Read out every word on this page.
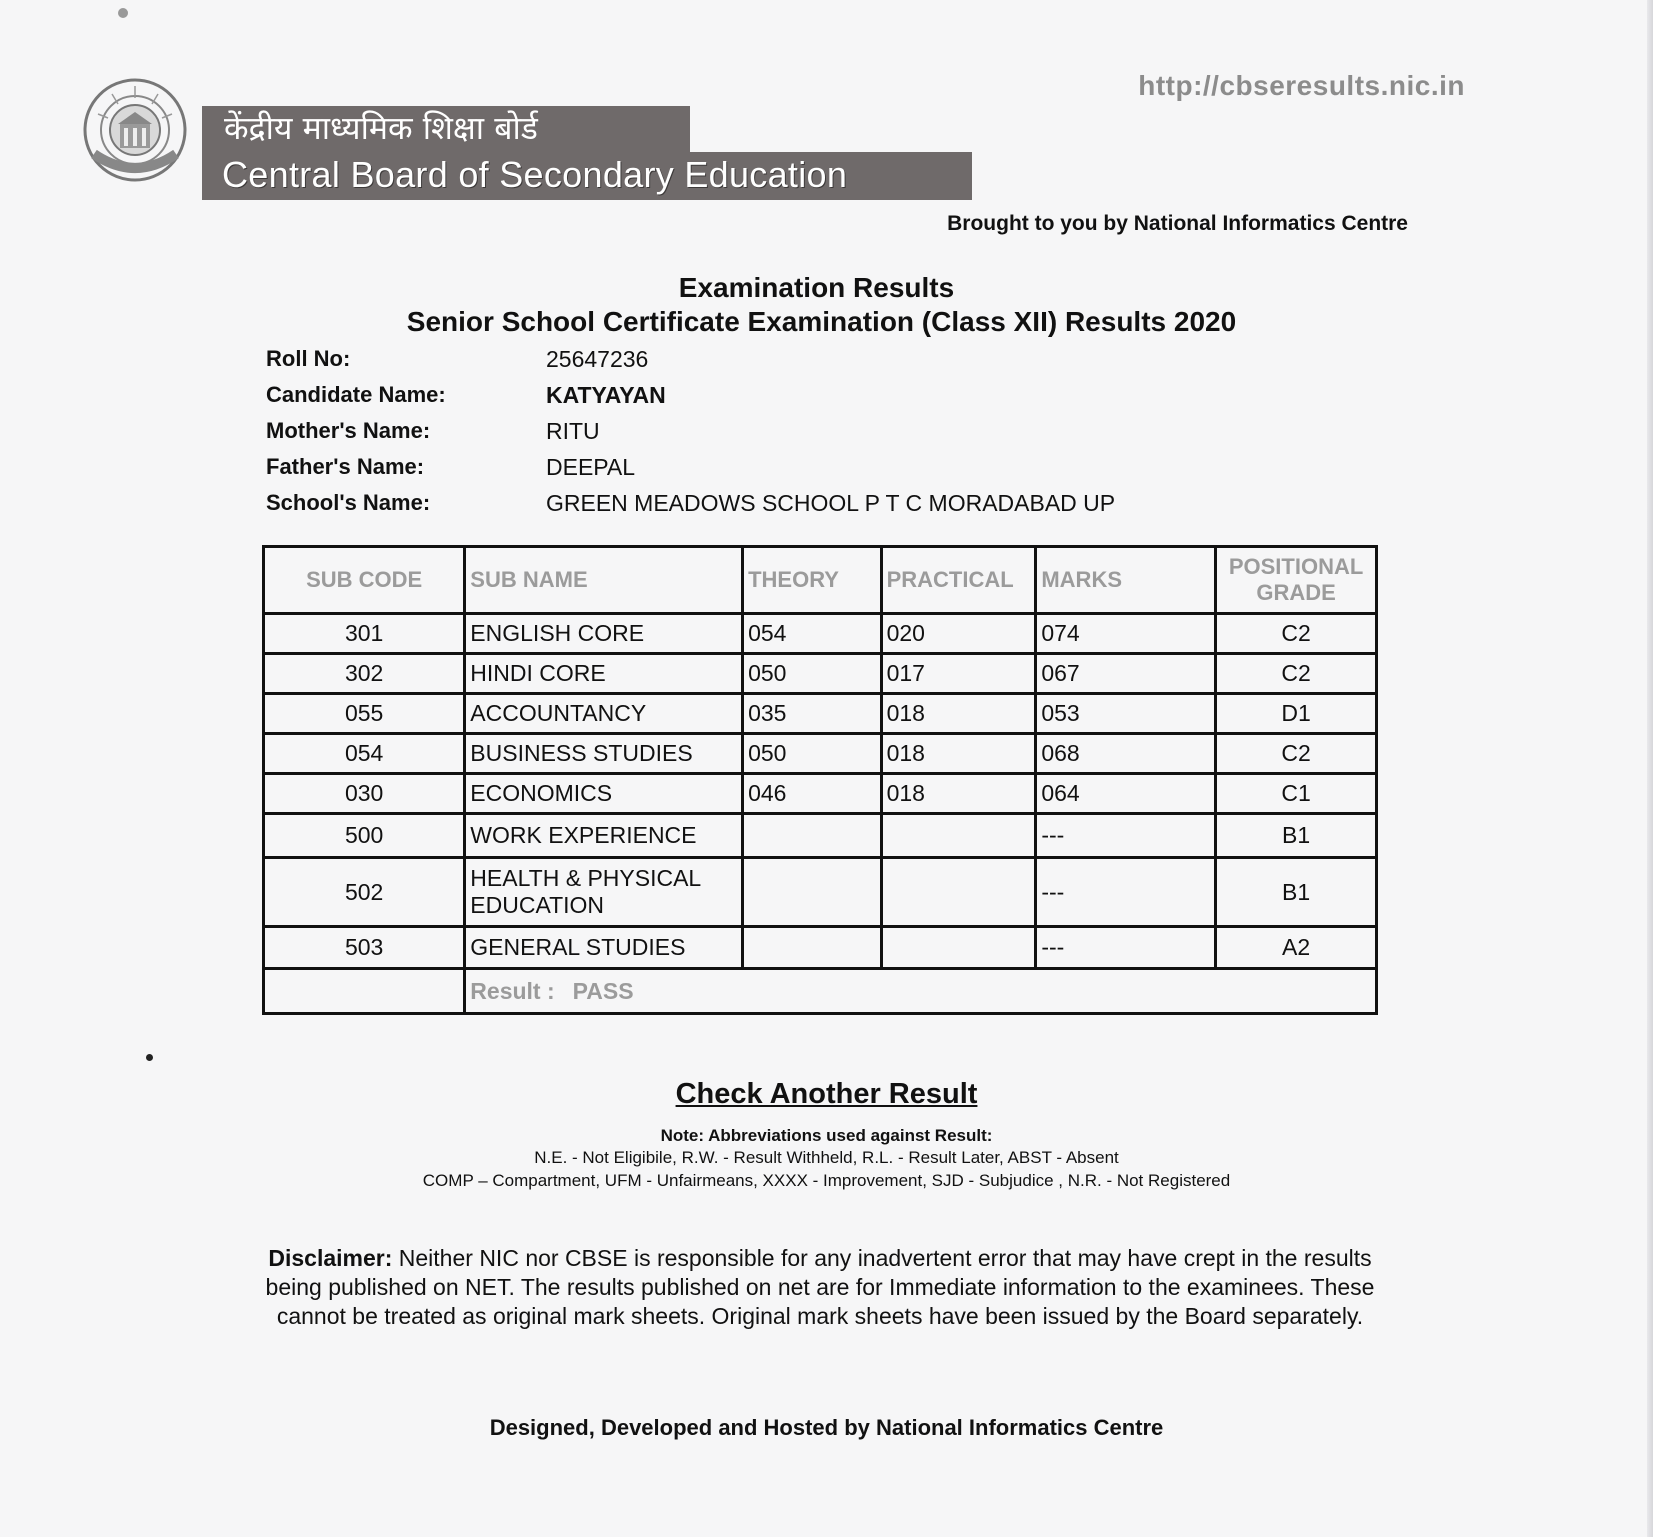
केंद्रीय माध्यमिक शिक्षा बोर्ड
Central Board of Secondary Education
http://cbseresults.nic.in
Brought to you by National Informatics Centre
Examination Results
Senior School Certificate Examination (Class XII) Results 2020
Roll No:	25647236
Candidate Name:	KATYAYAN
Mother's Name:	RITU
Father's Name:	DEEPAL
School's Name:	GREEN MEADOWS SCHOOL P T C MORADABAD UP
SUB CODE	SUB NAME	THEORY	PRACTICAL	MARKS	POSITIONAL GRADE
301	ENGLISH CORE	054	020	074	C2
302	HINDI CORE	050	017	067	C2
055	ACCOUNTANCY	035	018	053	D1
054	BUSINESS STUDIES	050	018	068	C2
030	ECONOMICS	046	018	064	C1
500	WORK EXPERIENCE			---	B1
502	HEALTH & PHYSICAL EDUCATION			---	B1
503	GENERAL STUDIES			---	A2
	Result : PASS				
Check Another Result
Note: Abbreviations used against Result:
N.E. - Not Eligibile, R.W. - Result Withheld, R.L. - Result Later, ABST - Absent
COMP – Compartment, UFM - Unfairmeans, XXXX - Improvement, SJD - Subjudice , N.R. - Not Registered
Disclaimer: Neither NIC nor CBSE is responsible for any inadvertent error that may have crept in the results being published on NET. The results published on net are for Immediate information to the examinees. These cannot be treated as original mark sheets. Original mark sheets have been issued by the Board separately.
Designed, Developed and Hosted by National Informatics Centre
